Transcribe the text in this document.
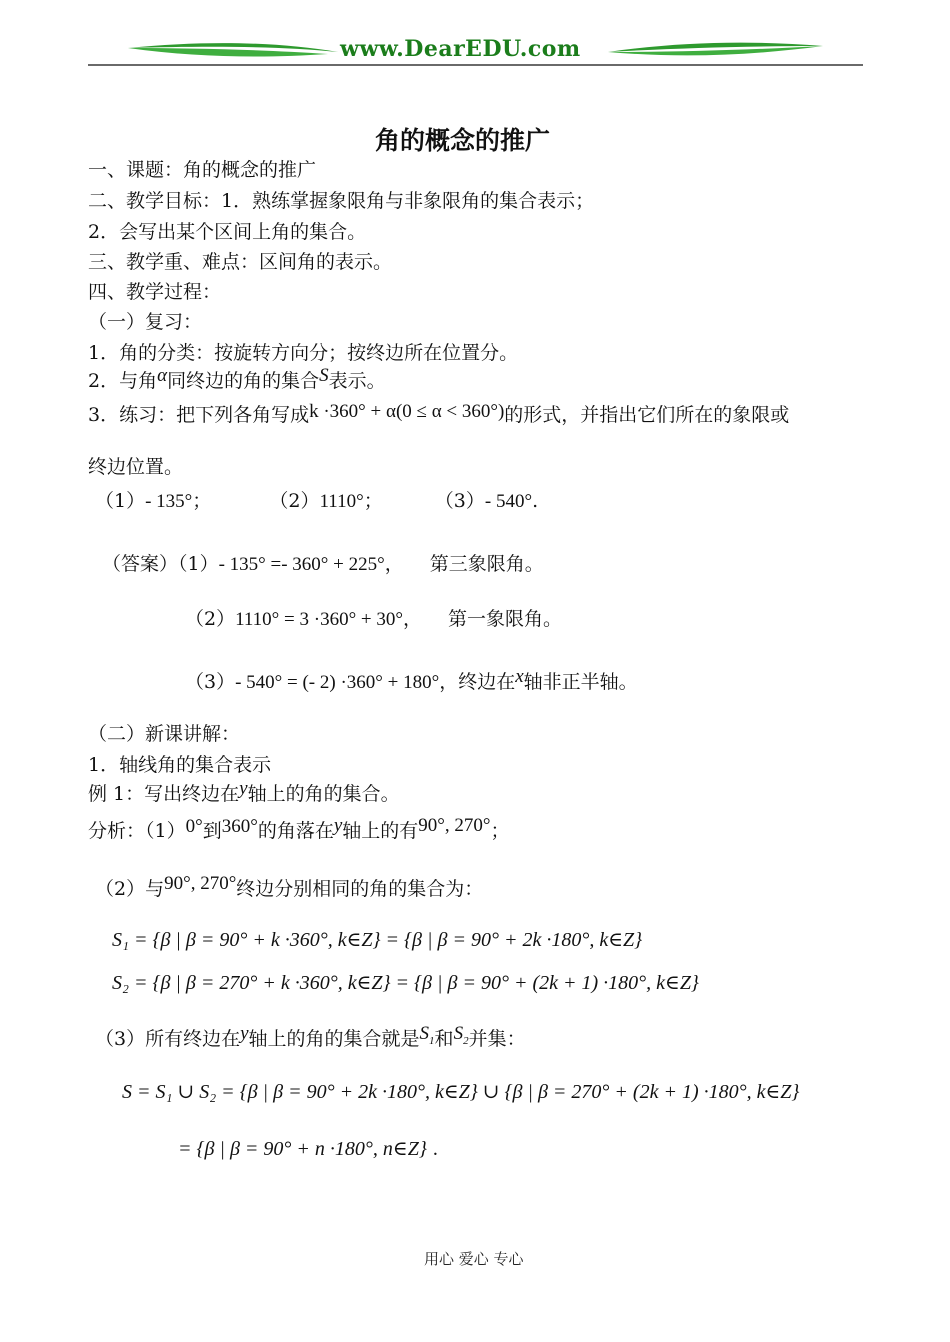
www.DearEDU.com
角的概念的推广
一、课题：角的概念的推广
二、教学目标：1．熟练掌握象限角与非象限角的集合表示；
2．会写出某个区间上角的集合。
三、教学重、难点：区间角的表示。
四、教学过程：
（一）复习：
1．角的分类：按旋转方向分；按终边所在位置分。
2．与角α同终边的角的集合S表示。
3．练习：把下列各角写成k ·360° + α(0 ≤ α < 360°)的形式，并指出它们所在的象限或
终边位置。
（1）- 135°；	（2）1110°；	（3）- 540°.
（答案）（1）- 135° =- 360° + 225°， 第三象限角。
（2）1110° = 3 ·360° + 30°， 第一象限角。
（3）- 540° = (- 2) ·360° + 180°，终边在x轴非正半轴。
（二）新课讲解：
1．轴线角的集合表示
例 1：写出终边在y轴上的角的集合。
分析：（1）0°到360°的角落在y轴上的有90°, 270°；
（2）与90°, 270°终边分别相同的角的集合为：
S₁ = {β | β = 90° + k ·360°, k∈Z} = {β | β = 90° + 2k ·180°, k∈Z}
S₂ = {β | β = 270° + k ·360°, k∈Z} = {β | β = 90° + (2k + 1) ·180°, k∈Z}
（3）所有终边在y轴上的角的集合就是$S_1$和$S_2$并集：
S = S₁ ∪ S₂ = {β | β = 90° + 2k ·180°, k∈Z} ∪ {β | β = 270° + (2k + 1) ·180°, k∈Z}
= {β | β = 90° + n ·180°, n∈Z} .
用心 爱心 专心
